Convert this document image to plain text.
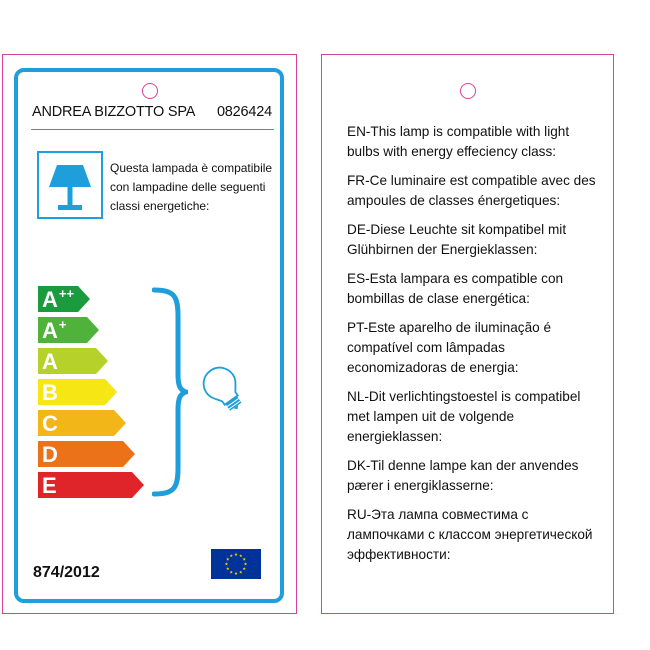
ANDREA BIZZOTTO SPA 0826424
Questa lampada è compatibile
con lampadine delle seguenti
classi energetiche:
A++
A+
A
B
C
D
E
874/2012
EN-This lamp is compatible with light bulbs with energy effeciency class:
FR-Ce luminaire est compatible avec des ampoules de classes énergetiques:
DE-Diese Leuchte sit kompatibel mit Glühbirnen der Energieklassen:
ES-Esta lampara es compatible con bombillas de clase energética:
PT-Este aparelho de iluminação é compatível com lâmpadas economizadoras de energia:
NL-Dit verlichtingstoestel is compatibel met lampen uit de volgende energieklassen:
DK-Til denne lampe kan der anvendes pærer i energiklasserne:
RU-Эта лампа совместима с лампочками с классом энергетической эффективности:
